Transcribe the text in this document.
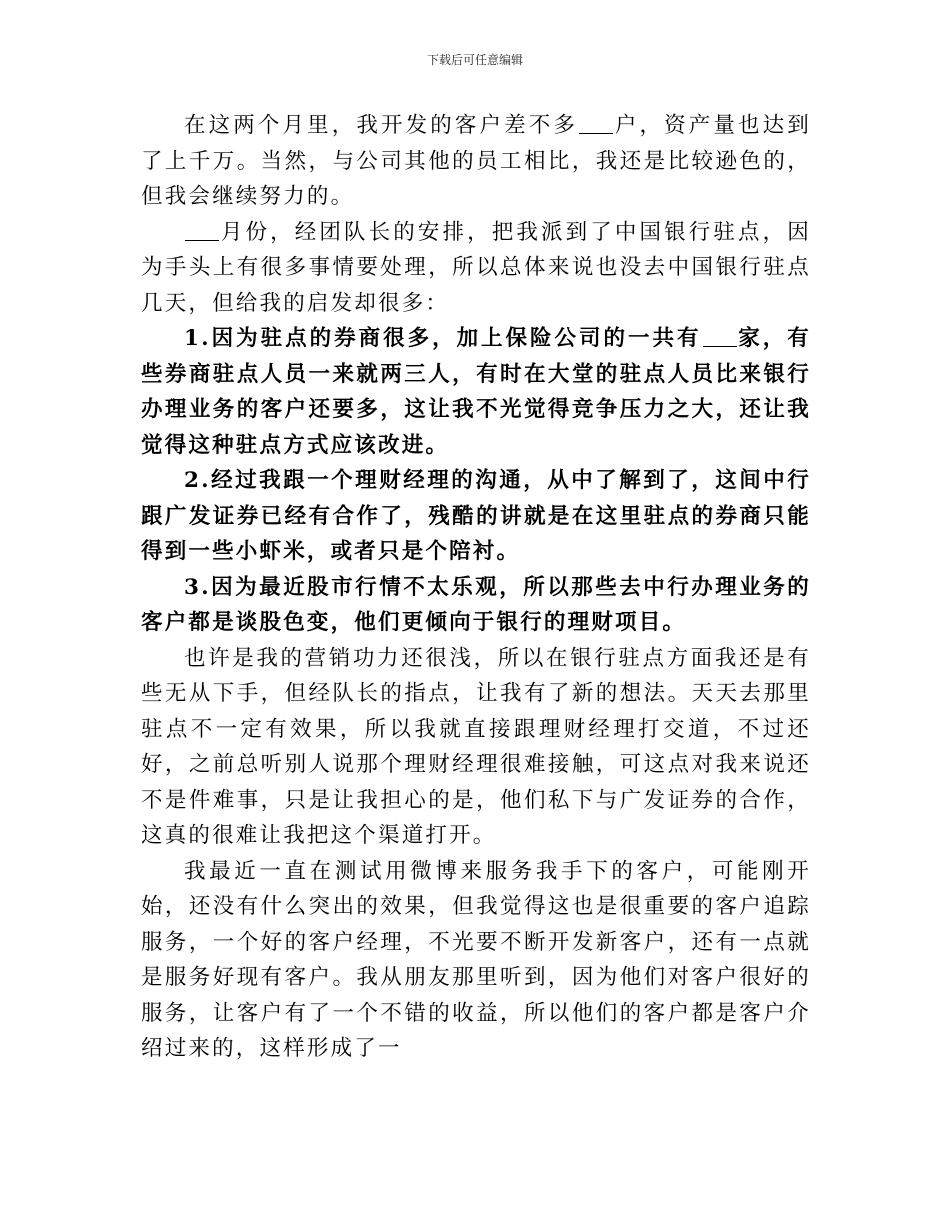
下载后可任意编辑

在这两个月里，我开发的客户差不多 户，资产量也达到了上千万。当然，与公司其他的员工相比，我还是比较逊色的，但我会继续努力的。

月份，经团队长的安排，把我派到了中国银行驻点，因为手头上有很多事情要处理，所以总体来说也没去中国银行驻点几天，但给我的启发却很多：

1.因为驻点的券商很多，加上保险公司的一共有 家，有些券商驻点人员一来就两三人，有时在大堂的驻点人员比来银行办理业务的客户还要多，这让我不光觉得竞争压力之大，还让我觉得这种驻点方式应该改进。

2.经过我跟一个理财经理的沟通，从中了解到了，这间中行跟广发证券已经有合作了，残酷的讲就是在这里驻点的券商只能得到一些小虾米，或者只是个陪衬。

3.因为最近股市行情不太乐观，所以那些去中行办理业务的客户都是谈股色变，他们更倾向于银行的理财项目。

也许是我的营销功力还很浅，所以在银行驻点方面我还是有些无从下手，但经队长的指点，让我有了新的想法。天天去那里驻点不一定有效果，所以我就直接跟理财经理打交道，不过还好，之前总听别人说那个理财经理很难接触，可这点对我来说还不是件难事，只是让我担心的是，他们私下与广发证券的合作，这真的很难让我把这个渠道打开。

我最近一直在测试用微博来服务我手下的客户，可能刚开始，还没有什么突出的效果，但我觉得这也是很重要的客户追踪服务，一个好的客户经理，不光要不断开发新客户，还有一点就是服务好现有客户。我从朋友那里听到，因为他们对客户很好的服务，让客户有了一个不错的收益，所以他们的客户都是客户介绍过来的，这样形成了一
